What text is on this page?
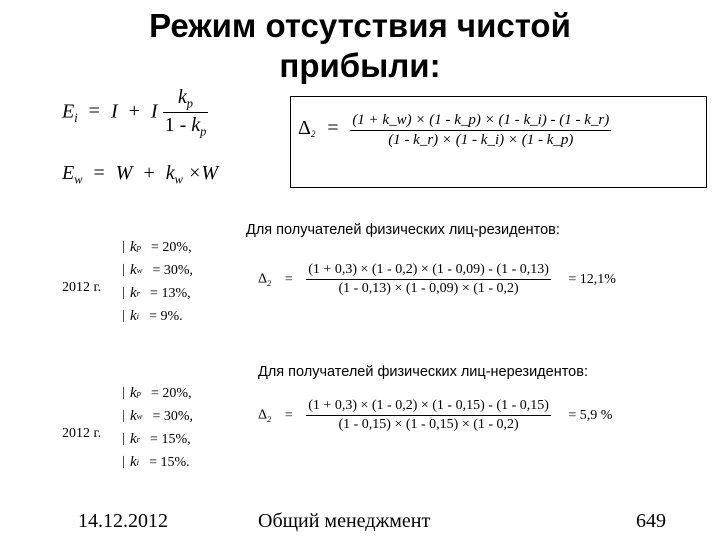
Режим отсутствия чистой
прибыли:
$E_i = I + I \frac{k_p}{1 - k_p}$
$E_w = W + k_w \times W$
$\Delta_2 = \frac{(1 + k\_w) \times (1 - k\_p) \times (1 - k\_i) - (1 - k\_r)}{(1 - k\_r) \times (1 - k\_i) \times (1 - k\_p)}$
Для получателей физических лиц-резидентов:
2012 г.
│ k p = 20%,
│ k w = 30%,
│ k r = 13%,
│ k i = 9%.
$\Delta_2 = \frac{(1 + 0,3) \times (1 - 0,2) \times (1 - 0,09) - (1 - 0,13)}{(1 - 0,13) \times (1 - 0,09) \times (1 - 0,2)} = 12,1\%$
Для получателей физических лиц-нерезидентов:
2012 г.
│ k p = 20%,
│ k w = 30%,
│ k r = 15%,
│ k i = 15%.
$\Delta_2 = \frac{(1 + 0,3) \times (1 - 0,2) \times (1 - 0,15) - (1 - 0,15)}{(1 - 0,15) \times (1 - 0,15) \times (1 - 0,2)} = 5,9$ %
14.12.2012	Общий менеджмент	649
